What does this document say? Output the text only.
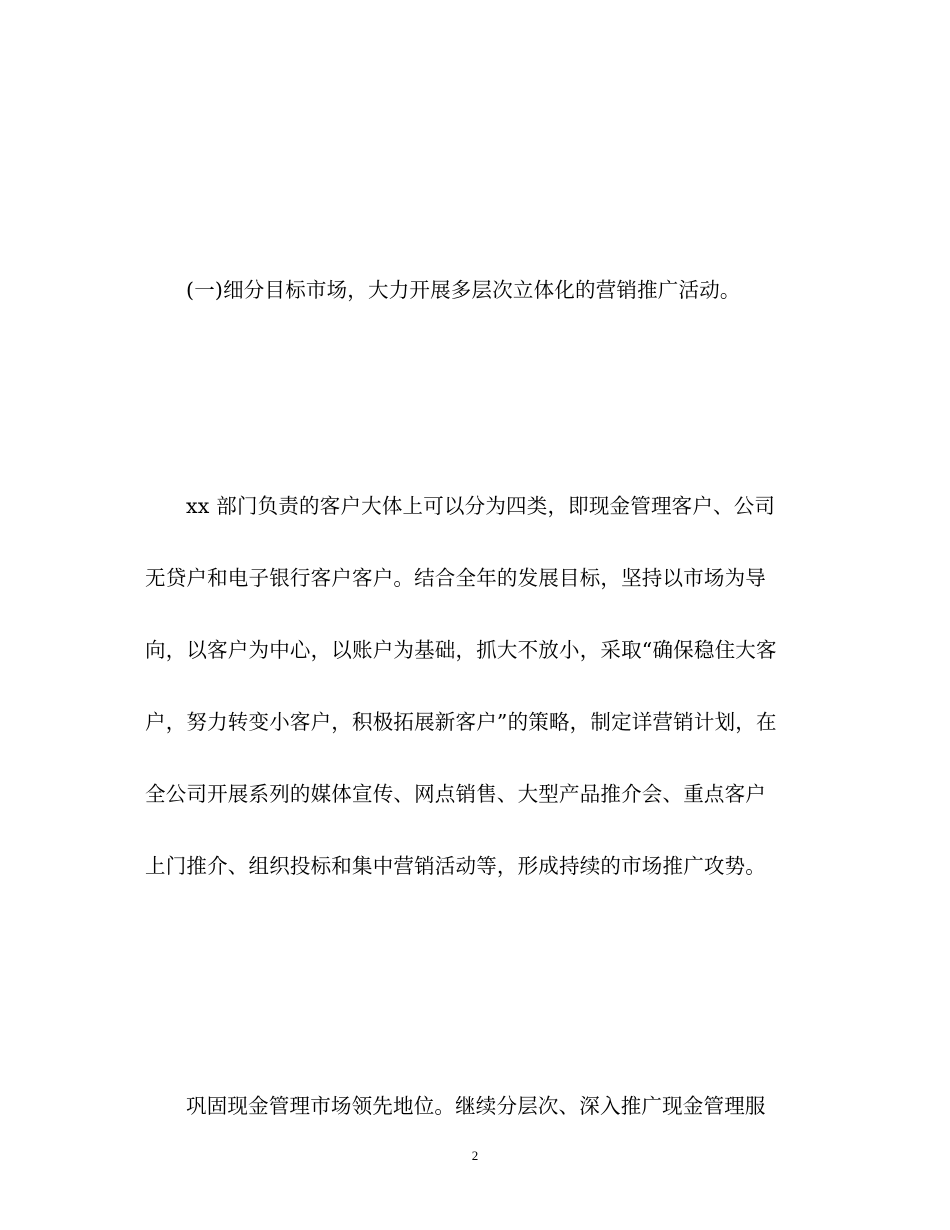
(一)细分目标市场，大力开展多层次立体化的营销推广活动。

xx 部门负责的客户大体上可以分为四类，即现金管理客户、公司
无贷户和电子银行客户客户。结合全年的发展目标，坚持以市场为导
向，以客户为中心，以账户为基础，抓大不放小，采取“确保稳住大客
户，努力转变小客户，积极拓展新客户”的策略，制定详营销计划，在
全公司开展系列的媒体宣传、网点销售、大型产品推介会、重点客户
上门推介、组织投标和集中营销活动等，形成持续的市场推广攻势。

巩固现金管理市场领先地位。继续分层次、深入推广现金管理服

2
